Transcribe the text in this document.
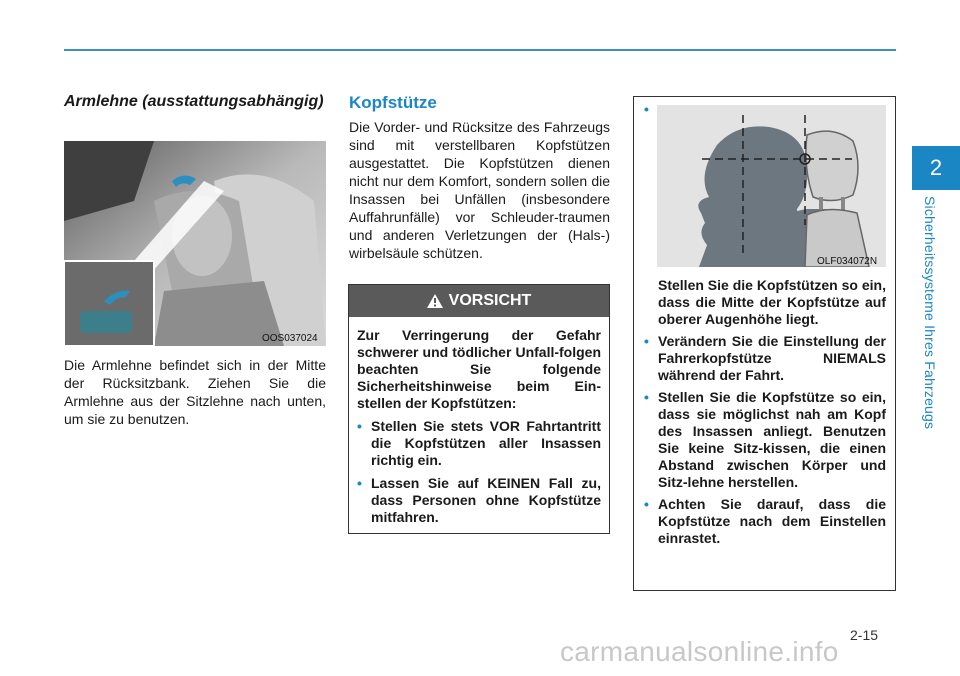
2
Sicherheitssysteme Ihres Fahrzeugs
Armlehne (ausstattungsabhängig)
OOS037024

Die Armlehne befindet sich in der Mitte der Rücksitzbank. Ziehen Sie die Armlehne aus der Sitzlehne nach unten, um sie zu benutzen.

Kopfstütze

Die Vorder- und Rücksitze des Fahrzeugs sind mit verstellbaren Kopfstützen ausgestattet. Die Kopfstützen dienen nicht nur dem Komfort, sondern sollen die Insassen bei Unfällen (insbesondere Auffahrunfälle) vor Schleuder-traumen und anderen Verletzungen der (Hals-) wirbelsäule schützen.

VORSICHT

Zur Verringerung der Gefahr schwerer und tödlicher Unfall-folgen beachten Sie folgende Sicherheitshinweise beim Ein-stellen der Kopfstützen:

• Stellen Sie stets VOR Fahrtantritt die Kopfstützen aller Insassen richtig ein.
• Lassen Sie auf KEINEN Fall zu, dass Personen ohne Kopfstütze mitfahren.
•
OLF034072N
Stellen Sie die Kopfstützen so ein, dass die Mitte der Kopfstütze auf oberer Augenhöhe liegt.
• Verändern Sie die Einstellung der Fahrerkopfstütze NIEMALS während der Fahrt.
• Stellen Sie die Kopfstütze so ein, dass sie möglichst nah am Kopf des Insassen anliegt. Benutzen Sie keine Sitz-kissen, die einen Abstand zwischen Körper und Sitz-lehne herstellen.
• Achten Sie darauf, dass die Kopfstütze nach dem Einstellen einrastet.
2-15
carmanualsonline.info
